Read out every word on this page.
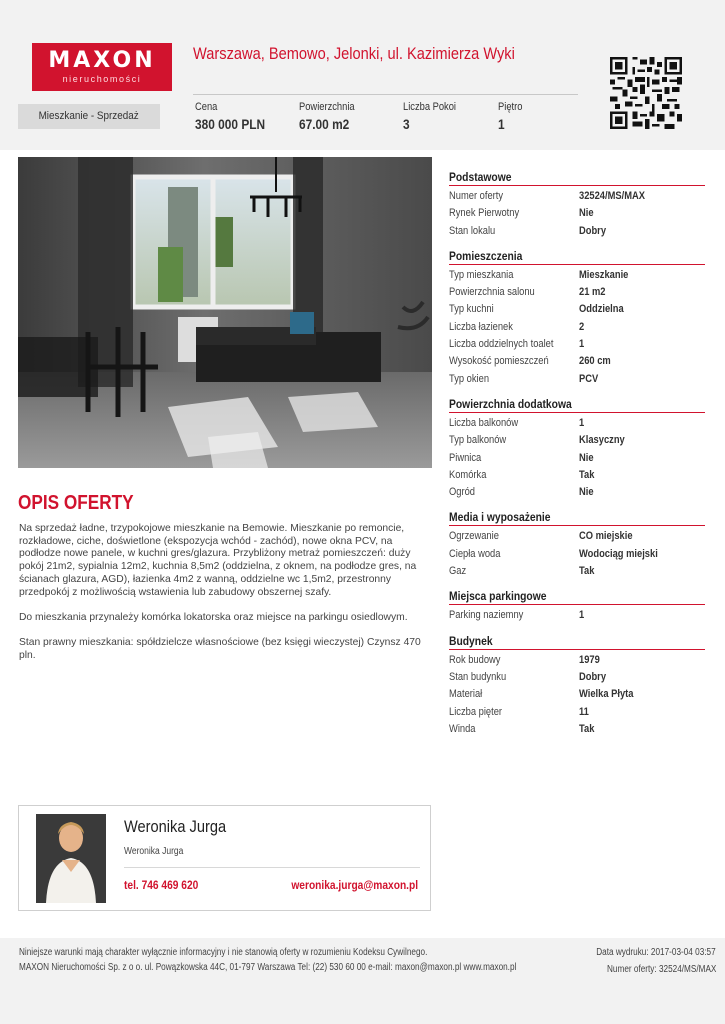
MAXON
nieruchomości
Warszawa, Bemowo, Jelonki, ul. Kazimierza Wyki
Mieszkanie - Sprzedaż
Cena
380 000 PLN
Powierzchnia
67.00 m2
Liczba Pokoi
3
Piętro
1
OPIS OFERTY

Na sprzedaż ładne, trzypokojowe mieszkanie na Bemowie. Mieszkanie po remoncie, rozkładowe, ciche, doświetlone (ekspozycja wchód - zachód), nowe okna PCV, na podłodze nowe panele, w kuchni gres/glazura. Przybliżony metraż pomieszczeń: duży pokój 21m2, sypialnia 12m2, kuchnia 8,5m2 (oddzielna, z oknem, na podłodze gres, na ścianach glazura, AGD), łazienka 4m2 z wanną, oddzielne wc 1,5m2, przestronny przedpokój z możliwością wstawienia lub zabudowy obszernej szafy.

Do mieszkania przynależy komórka lokatorska oraz miejsce na parkingu osiedlowym.

Stan prawny mieszkania: spółdzielcze własnościowe (bez księgi wieczystej) Czynsz 470 pln.

Podstawowe
Numer oferty	32524/MS/MAX
Rynek Pierwotny	Nie
Stan lokalu	Dobry
Pomieszczenia
Typ mieszkania	Mieszkanie
Powierzchnia salonu	21 m2
Typ kuchni	Oddzielna
Liczba łazienek	2
Liczba oddzielnych toalet 1
Wysokość pomieszczeń	260 cm
Typ okien	PCV
Powierzchnia dodatkowa
Liczba balkonów	1
Typ balkonów	Klasyczny
Piwnica	Nie
Komórka	Tak
Ogród	Nie
Media i wyposażenie
Ogrzewanie	CO miejskie
Ciepła woda	Wodociąg miejski
Gaz	Tak
Miejsca parkingowe
Parking naziemny	1
Budynek
Rok budowy	1979
Stan budynku	Dobry
Materiał	Wielka Płyta
Liczba pięter	11
Winda	Tak
Weronika Jurga
Weronika Jurga
tel. 746 469 620	weronika.jurga@maxon.pl
Niniejsze warunki mają charakter wyłącznie informacyjny i nie stanowią oferty w rozumieniu Kodeksu Cywilnego.
MAXON Nieruchomości Sp. z o o. ul. Powązkowska 44C, 01-797 Warszawa Tel: (22) 530 60 00 e-mail: maxon@maxon.pl www.maxon.pl
Data wydruku: 2017-03-04 03:57
Numer oferty: 32524/MS/MAX
